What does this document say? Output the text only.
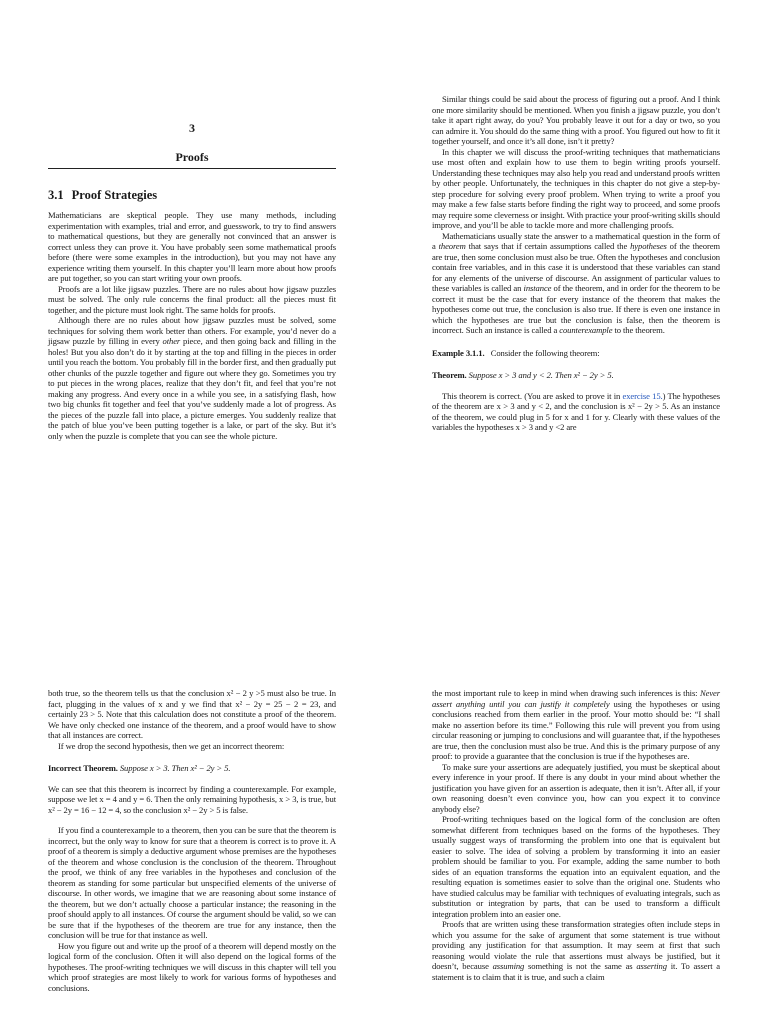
3
Proofs
3.1 Proof Strategies

Mathematicians are skeptical people. They use many methods, including experimentation with examples, trial and error, and guesswork, to try to find answers to mathematical questions, but they are generally not convinced that an answer is correct unless they can prove it. You have probably seen some mathematical proofs before (there were some examples in the introduction), but you may not have any experience writing them yourself. In this chapter you’ll learn more about how proofs are put together, so you can start writing your own proofs.

Proofs are a lot like jigsaw puzzles. There are no rules about how jigsaw puzzles must be solved. The only rule concerns the final product: all the pieces must fit together, and the picture must look right. The same holds for proofs.

Although there are no rules about how jigsaw puzzles must be solved, some techniques for solving them work better than others. For example, you’d never do a jigsaw puzzle by filling in every other piece, and then going back and filling in the holes! But you also don’t do it by starting at the top and filling in the pieces in order until you reach the bottom. You probably fill in the border first, and then gradually put other chunks of the puzzle together and figure out where they go. Sometimes you try to put pieces in the wrong places, realize that they don’t fit, and feel that you’re not making any progress. And every once in a while you see, in a satisfying flash, how two big chunks fit together and feel that you’ve suddenly made a lot of progress. As the pieces of the puzzle fall into place, a picture emerges. You suddenly realize that the patch of blue you’ve been putting together is a lake, or part of the sky. But it’s only when the puzzle is complete that you can see the whole picture.

Similar things could be said about the process of figuring out a proof. And I think one more similarity should be mentioned. When you finish a jigsaw puzzle, you don’t take it apart right away, do you? You probably leave it out for a day or two, so you can admire it. You should do the same thing with a proof. You figured out how to fit it together yourself, and once it’s all done, isn’t it pretty?

In this chapter we will discuss the proof-writing techniques that mathematicians use most often and explain how to use them to begin writing proofs yourself. Understanding these techniques may also help you read and understand proofs written by other people. Unfortunately, the techniques in this chapter do not give a step-by-step procedure for solving every proof problem. When trying to write a proof you may make a few false starts before finding the right way to proceed, and some proofs may require some cleverness or insight. With practice your proof-writing skills should improve, and you’ll be able to tackle more and more challenging proofs.

Mathematicians usually state the answer to a mathematical question in the form of a theorem that says that if certain assumptions called the hypotheses of the theorem are true, then some conclusion must also be true. Often the hypotheses and conclusion contain free variables, and in this case it is understood that these variables can stand for any elements of the universe of discourse. An assignment of particular values to these variables is called an instance of the theorem, and in order for the theorem to be correct it must be the case that for every instance of the theorem that makes the hypotheses come out true, the conclusion is also true. If there is even one instance in which the hypotheses are true but the conclusion is false, then the theorem is incorrect. Such an instance is called a counterexample to the theorem.

Example 3.1.1. Consider the following theorem:

Theorem. Suppose x > 3 and y < 2. Then x² − 2y > 5.

This theorem is correct. (You are asked to prove it in exercise 15.) The hypotheses of the theorem are x > 3 and y < 2, and the conclusion is x² − 2y > 5. As an instance of the theorem, we could plug in 5 for x and 1 for y. Clearly with these values of the variables the hypotheses x > 3 and y <2 are

both true, so the theorem tells us that the conclusion x² − 2 y >5 must also be true. In fact, plugging in the values of x and y we find that x² − 2y = 25 − 2 = 23, and certainly 23 > 5. Note that this calculation does not constitute a proof of the theorem. We have only checked one instance of the theorem, and a proof would have to show that all instances are correct.

If we drop the second hypothesis, then we get an incorrect theorem:

Incorrect Theorem. Suppose x > 3. Then x² − 2y > 5.

We can see that this theorem is incorrect by finding a counterexample. For example, suppose we let x = 4 and y = 6. Then the only remaining hypothesis, x > 3, is true, but x² − 2y = 16 − 12 = 4, so the conclusion x² − 2y > 5 is false.

If you find a counterexample to a theorem, then you can be sure that the theorem is incorrect, but the only way to know for sure that a theorem is correct is to prove it. A proof of a theorem is simply a deductive argument whose premises are the hypotheses of the theorem and whose conclusion is the conclusion of the theorem. Throughout the proof, we think of any free variables in the hypotheses and conclusion of the theorem as standing for some particular but unspecified elements of the universe of discourse. In other words, we imagine that we are reasoning about some instance of the theorem, but we don’t actually choose a particular instance; the reasoning in the proof should apply to all instances. Of course the argument should be valid, so we can be sure that if the hypotheses of the theorem are true for any instance, then the conclusion will be true for that instance as well.

How you figure out and write up the proof of a theorem will depend mostly on the logical form of the conclusion. Often it will also depend on the logical forms of the hypotheses. The proof-writing techniques we will discuss in this chapter will tell you which proof strategies are most likely to work for various forms of hypotheses and conclusions.

the most important rule to keep in mind when drawing such inferences is this: Never assert anything until you can justify it completely using the hypotheses or using conclusions reached from them earlier in the proof. Your motto should be: “I shall make no assertion before its time.” Following this rule will prevent you from using circular reasoning or jumping to conclusions and will guarantee that, if the hypotheses are true, then the conclusion must also be true. And this is the primary purpose of any proof: to provide a guarantee that the conclusion is true if the hypotheses are.

To make sure your assertions are adequately justified, you must be skeptical about every inference in your proof. If there is any doubt in your mind about whether the justification you have given for an assertion is adequate, then it isn’t. After all, if your own reasoning doesn’t even convince you, how can you expect it to convince anybody else?

Proof-writing techniques based on the logical form of the conclusion are often somewhat different from techniques based on the forms of the hypotheses. They usually suggest ways of transforming the problem into one that is equivalent but easier to solve. The idea of solving a problem by transforming it into an easier problem should be familiar to you. For example, adding the same number to both sides of an equation transforms the equation into an equivalent equation, and the resulting equation is sometimes easier to solve than the original one. Students who have studied calculus may be familiar with techniques of evaluating integrals, such as substitution or integration by parts, that can be used to transform a difficult integration problem into an easier one.

Proofs that are written using these transformation strategies often include steps in which you assume for the sake of argument that some statement is true without providing any justification for that assumption. It may seem at first that such reasoning would violate the rule that assertions must always be justified, but it doesn’t, because assuming something is not the same as asserting it. To assert a statement is to claim that it is true, and such a claim
